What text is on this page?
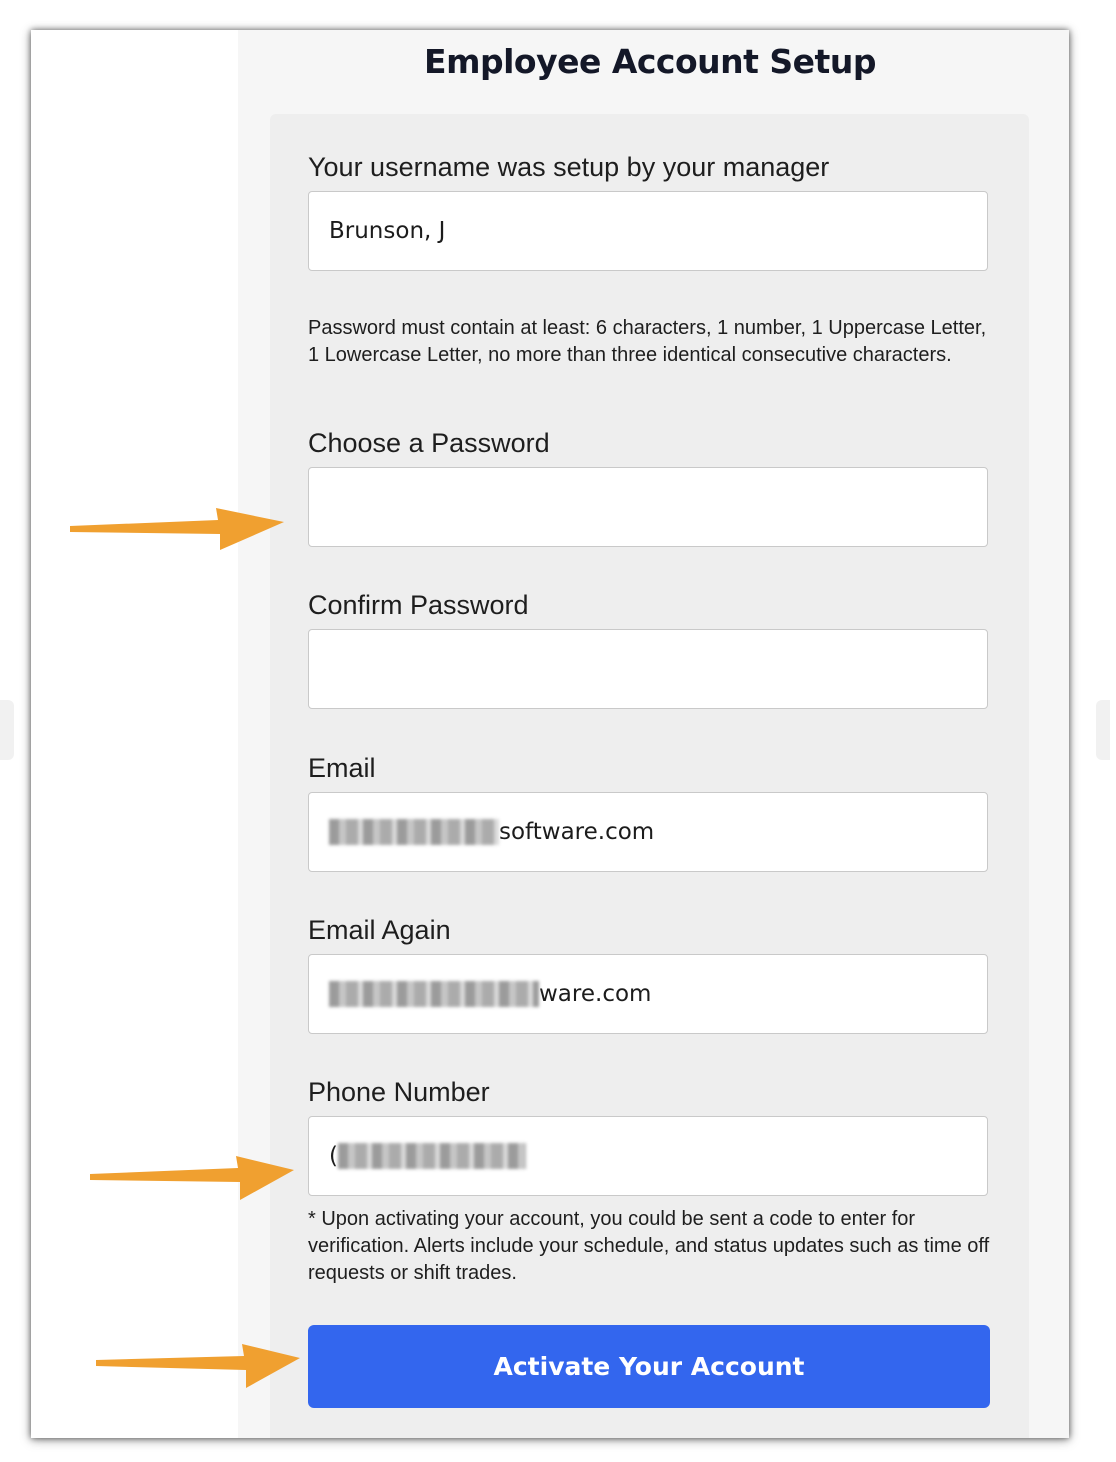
Employee Account Setup
Your username was setup by your manager
Brunson, J
Password must contain at least: 6 characters, 1 number, 1 Uppercase Letter, 1 Lowercase Letter, no more than three identical consecutive characters.
Choose a Password
Confirm Password
Email
software.com
Email Again
ware.com
Phone Number
(
* Upon activating your account, you could be sent a code to enter for verification. Alerts include your schedule, and status updates such as time off requests or shift trades.
Activate Your Account
